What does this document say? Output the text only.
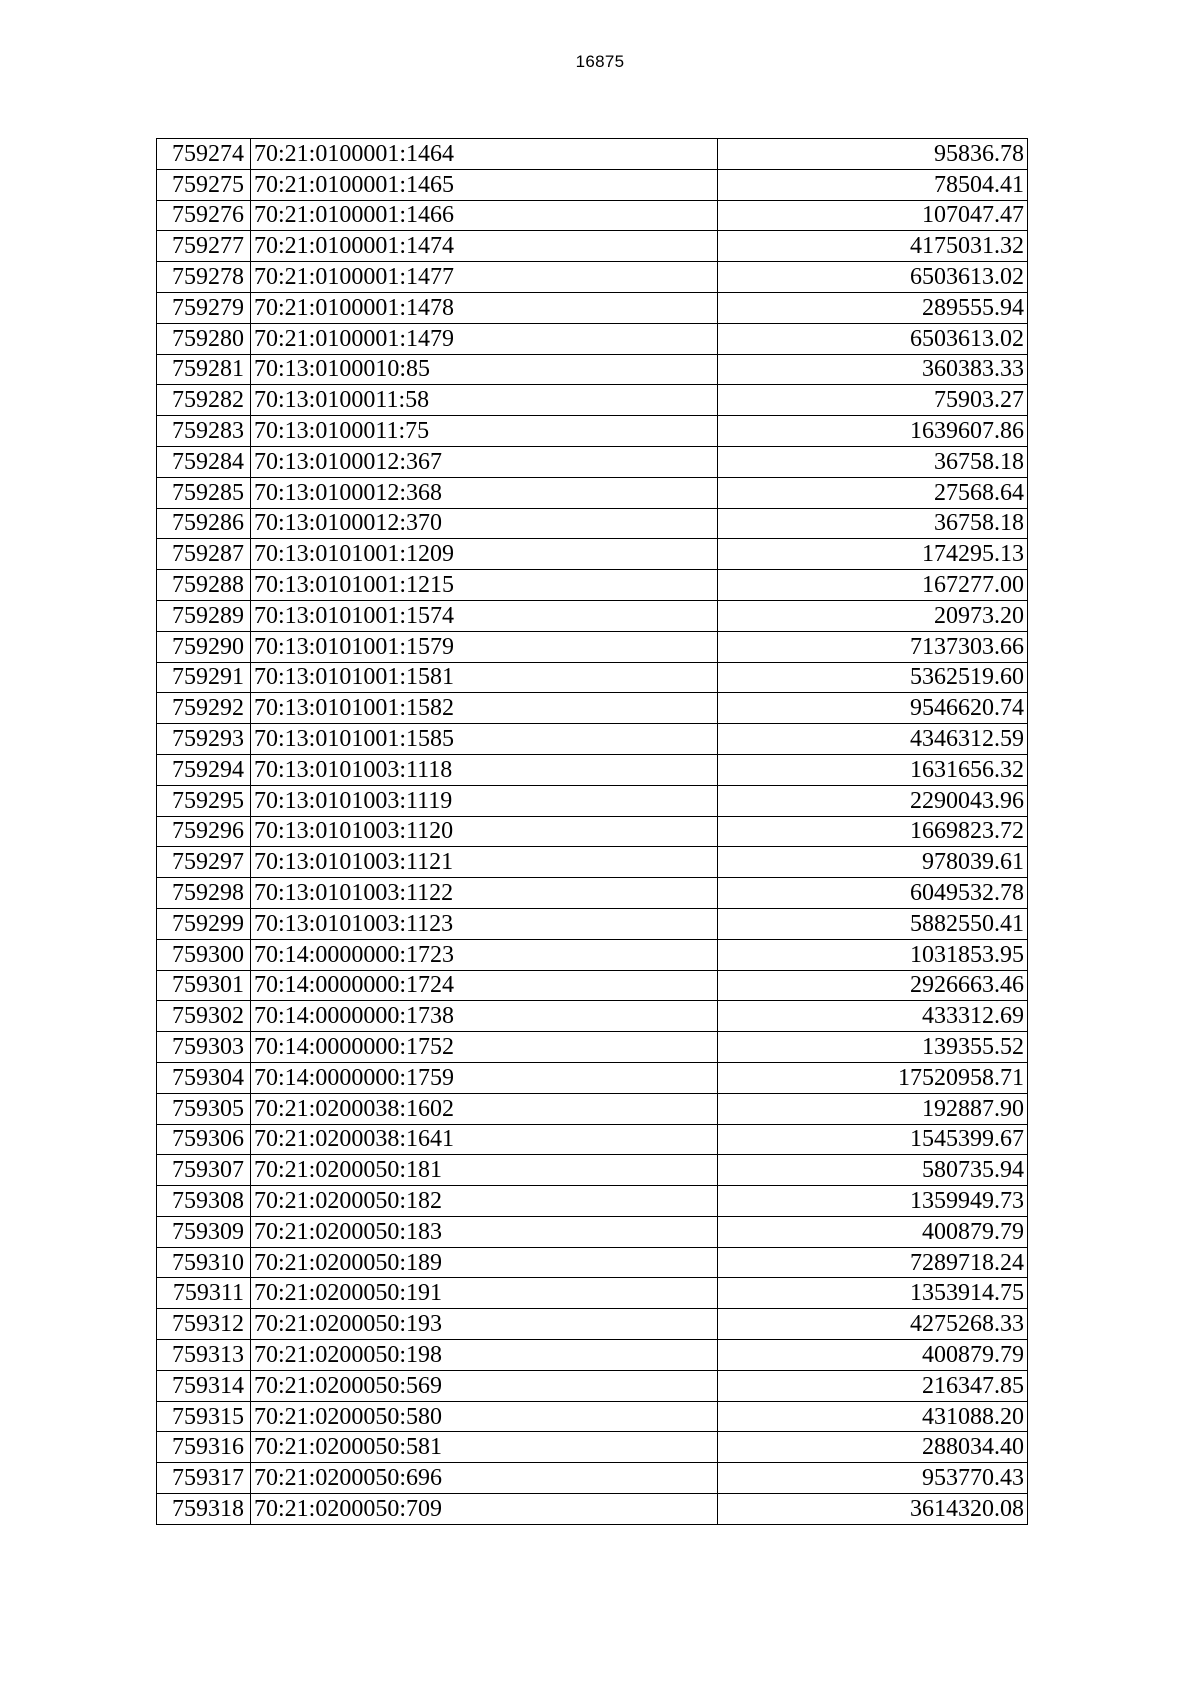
16875
759274	70:21:0100001:1464	95836.78
759275	70:21:0100001:1465	78504.41
759276	70:21:0100001:1466	107047.47
759277	70:21:0100001:1474	4175031.32
759278	70:21:0100001:1477	6503613.02
759279	70:21:0100001:1478	289555.94
759280	70:21:0100001:1479	6503613.02
759281	70:13:0100010:85	360383.33
759282	70:13:0100011:58	75903.27
759283	70:13:0100011:75	1639607.86
759284	70:13:0100012:367	36758.18
759285	70:13:0100012:368	27568.64
759286	70:13:0100012:370	36758.18
759287	70:13:0101001:1209	174295.13
759288	70:13:0101001:1215	167277.00
759289	70:13:0101001:1574	20973.20
759290	70:13:0101001:1579	7137303.66
759291	70:13:0101001:1581	5362519.60
759292	70:13:0101001:1582	9546620.74
759293	70:13:0101001:1585	4346312.59
759294	70:13:0101003:1118	1631656.32
759295	70:13:0101003:1119	2290043.96
759296	70:13:0101003:1120	1669823.72
759297	70:13:0101003:1121	978039.61
759298	70:13:0101003:1122	6049532.78
759299	70:13:0101003:1123	5882550.41
759300	70:14:0000000:1723	1031853.95
759301	70:14:0000000:1724	2926663.46
759302	70:14:0000000:1738	433312.69
759303	70:14:0000000:1752	139355.52
759304	70:14:0000000:1759	17520958.71
759305	70:21:0200038:1602	192887.90
759306	70:21:0200038:1641	1545399.67
759307	70:21:0200050:181	580735.94
759308	70:21:0200050:182	1359949.73
759309	70:21:0200050:183	400879.79
759310	70:21:0200050:189	7289718.24
759311	70:21:0200050:191	1353914.75
759312	70:21:0200050:193	4275268.33
759313	70:21:0200050:198	400879.79
759314	70:21:0200050:569	216347.85
759315	70:21:0200050:580	431088.20
759316	70:21:0200050:581	288034.40
759317	70:21:0200050:696	953770.43
759318	70:21:0200050:709	3614320.08
